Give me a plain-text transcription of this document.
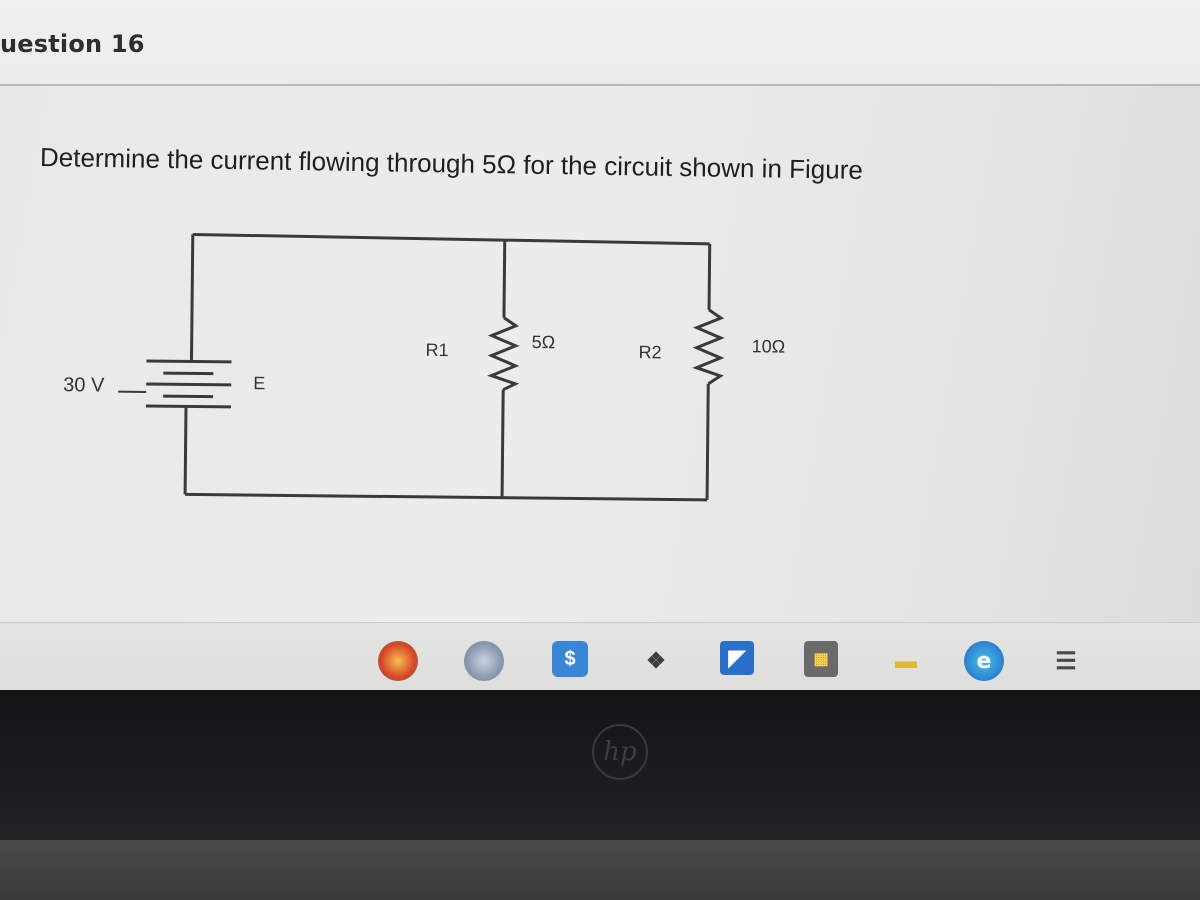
uestion 16
Determine the current flowing through 5Ω for the circuit shown in Figure
30 V	E
R1	5Ω	R2	10Ω
$	❖	◤	▦	▬	e	☰
hp
